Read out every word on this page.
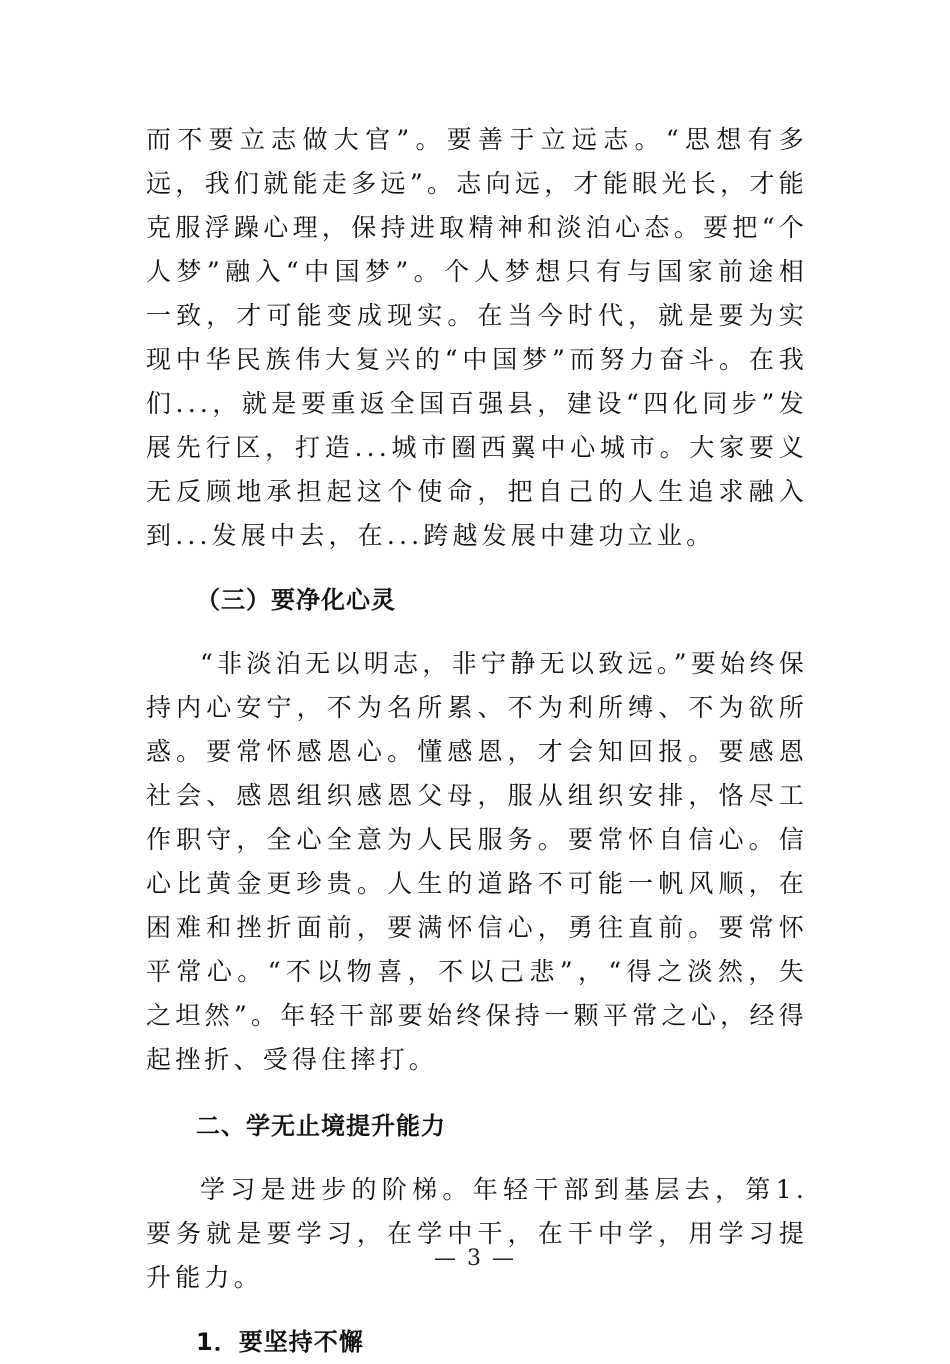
而不要立志做大官”。要善于立远志。“思想有多远，我们就能走多远”。志向远，才能眼光长，才能克服浮躁心理，保持进取精神和淡泊心态。要把“个人梦”融入“中国梦”。个人梦想只有与国家前途相一致，才可能变成现实。在当今时代，就是要为实现中华民族伟大复兴的“中国梦”而努力奋斗。在我们...，就是要重返全国百强县，建设“四化同步”发展先行区，打造...城市圈西翼中心城市。大家要义无反顾地承担起这个使命，把自己的人生追求融入到...发展中去，在...跨越发展中建功立业。

（三）要净化心灵

“非淡泊无以明志，非宁静无以致远。”要始终保持内心安宁，不为名所累、不为利所缚、不为欲所惑。要常怀感恩心。懂感恩，才会知回报。要感恩社会、感恩组织感恩父母，服从组织安排，恪尽工作职守，全心全意为人民服务。要常怀自信心。信心比黄金更珍贵。人生的道路不可能一帆风顺，在困难和挫折面前，要满怀信心，勇往直前。要常怀平常心。“不以物喜，不以己悲”，“得之淡然，失之坦然”。年轻干部要始终保持一颗平常之心，经得起挫折、受得住摔打。

二、学无止境提升能力

学习是进步的阶梯。年轻干部到基层去，第1.要务就是要学习，在学中干，在干中学，用学习提升能力。

1．要坚持不懈

— 3 —
